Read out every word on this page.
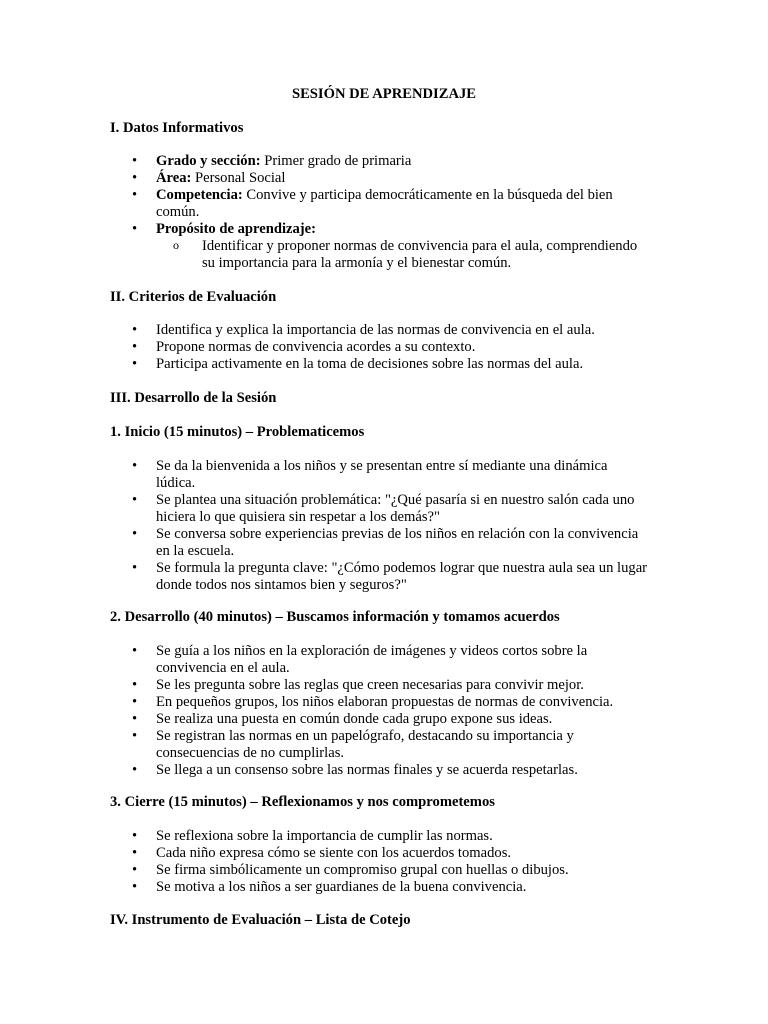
SESIÓN DE APRENDIZAJE
I. Datos Informativos
• Grado y sección: Primer grado de primaria
• Área: Personal Social
• Competencia: Convive y participa democráticamente en la búsqueda del bien común.
• Propósito de aprendizaje:
o Identificar y proponer normas de convivencia para el aula, comprendiendo su importancia para la armonía y el bienestar común.
II. Criterios de Evaluación
• Identifica y explica la importancia de las normas de convivencia en el aula.
• Propone normas de convivencia acordes a su contexto.
• Participa activamente en la toma de decisiones sobre las normas del aula.
III. Desarrollo de la Sesión
1. Inicio (15 minutos) – Problematicemos
• Se da la bienvenida a los niños y se presentan entre sí mediante una dinámica lúdica.
• Se plantea una situación problemática: "¿Qué pasaría si en nuestro salón cada uno hiciera lo que quisiera sin respetar a los demás?"
• Se conversa sobre experiencias previas de los niños en relación con la convivencia en la escuela.
• Se formula la pregunta clave: "¿Cómo podemos lograr que nuestra aula sea un lugar donde todos nos sintamos bien y seguros?"
2. Desarrollo (40 minutos) – Buscamos información y tomamos acuerdos
• Se guía a los niños en la exploración de imágenes y videos cortos sobre la convivencia en el aula.
• Se les pregunta sobre las reglas que creen necesarias para convivir mejor.
• En pequeños grupos, los niños elaboran propuestas de normas de convivencia.
• Se realiza una puesta en común donde cada grupo expone sus ideas.
• Se registran las normas en un papelógrafo, destacando su importancia y consecuencias de no cumplirlas.
• Se llega a un consenso sobre las normas finales y se acuerda respetarlas.
3. Cierre (15 minutos) – Reflexionamos y nos comprometemos
• Se reflexiona sobre la importancia de cumplir las normas.
• Cada niño expresa cómo se siente con los acuerdos tomados.
• Se firma simbólicamente un compromiso grupal con huellas o dibujos.
• Se motiva a los niños a ser guardianes de la buena convivencia.
IV. Instrumento de Evaluación – Lista de Cotejo
